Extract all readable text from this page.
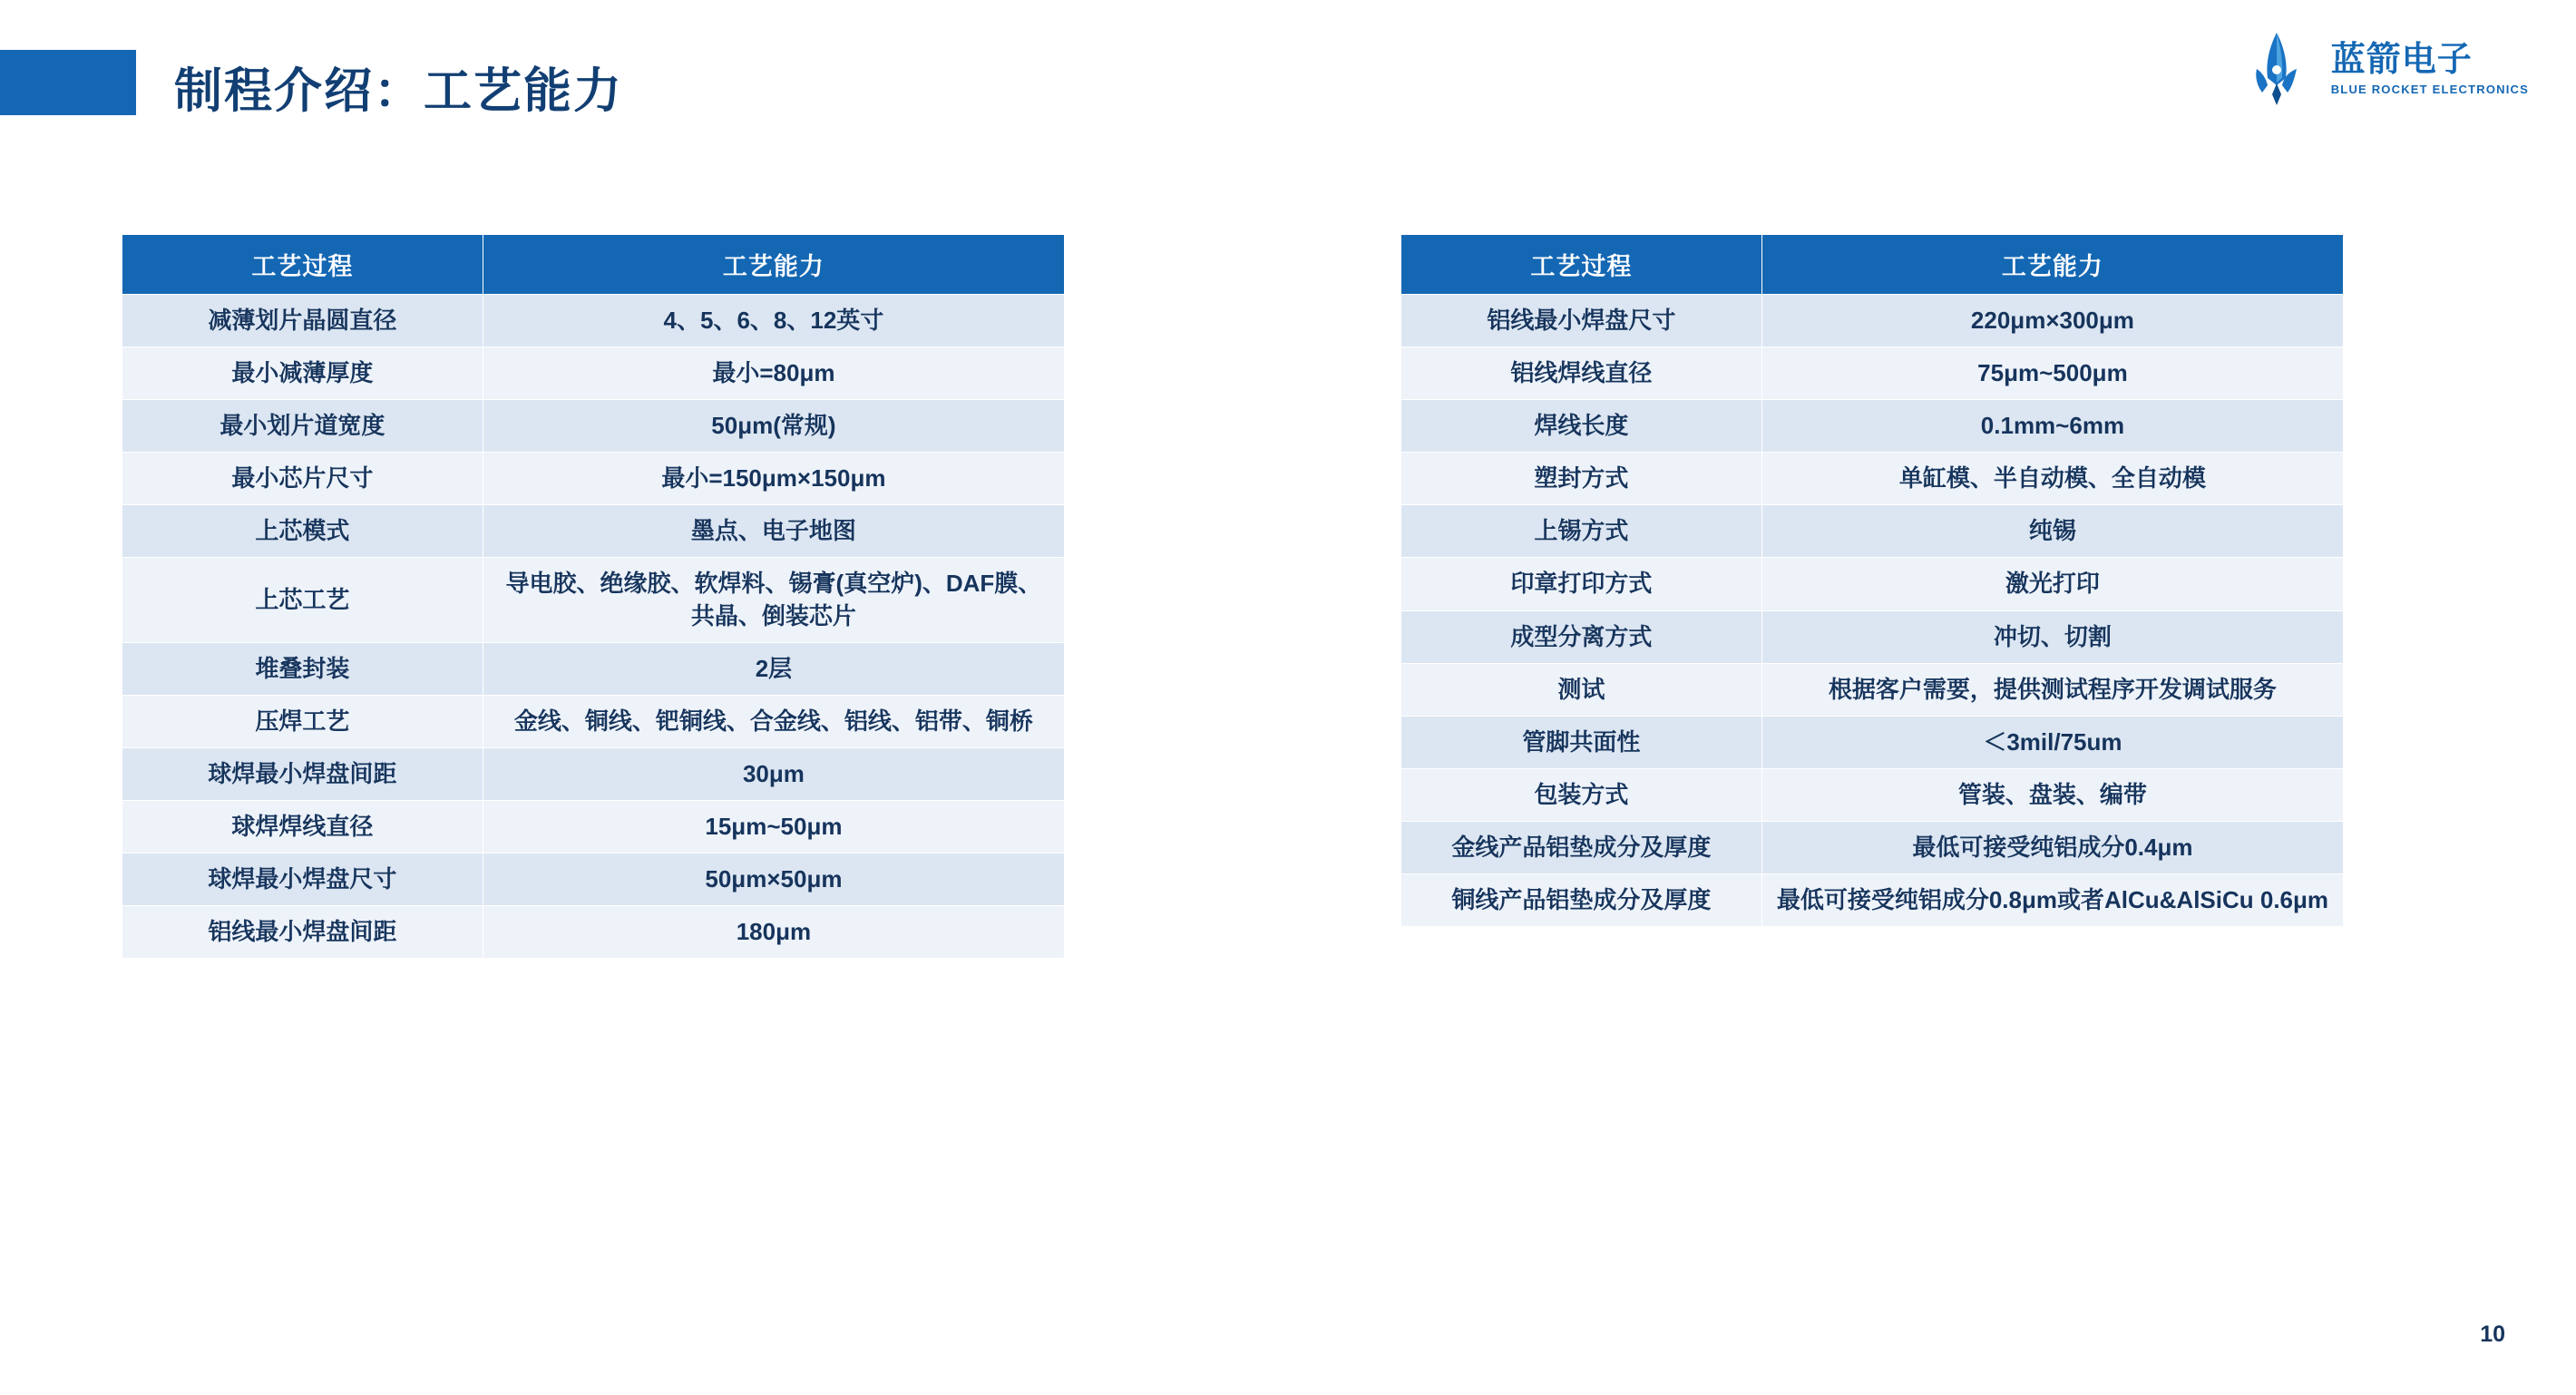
制程介绍：工艺能力
蓝箭电子
BLUE ROCKET ELECTRONICS
工艺过程	工艺能力
减薄划片晶圆直径	4、5、6、8、12英寸
最小减薄厚度	最小=80μm
最小划片道宽度	50μm(常规)
最小芯片尺寸	最小=150μm×150μm
上芯模式	墨点、电子地图
上芯工艺	导电胶、绝缘胶、软焊料、锡膏(真空炉)、DAF膜、共晶、倒装芯片
堆叠封装	2层
压焊工艺	金线、铜线、钯铜线、合金线、铝线、铝带、铜桥
球焊最小焊盘间距	30μm
球焊焊线直径	15μm~50μm
球焊最小焊盘尺寸	50μm×50μm
铝线最小焊盘间距	180μm
工艺过程	工艺能力
铝线最小焊盘尺寸	220μm×300μm
铝线焊线直径	75μm~500μm
焊线长度	0.1mm~6mm
塑封方式	单缸模、半自动模、全自动模
上锡方式	纯锡
印章打印方式	激光打印
成型分离方式	冲切、切割
测试	根据客户需要，提供测试程序开发调试服务
管脚共面性	＜3mil/75um
包装方式	管装、盘装、编带
金线产品铝垫成分及厚度	最低可接受纯铝成分0.4μm
铜线产品铝垫成分及厚度	最低可接受纯铝成分0.8μm或者AlCu&AlSiCu 0.6μm
10
